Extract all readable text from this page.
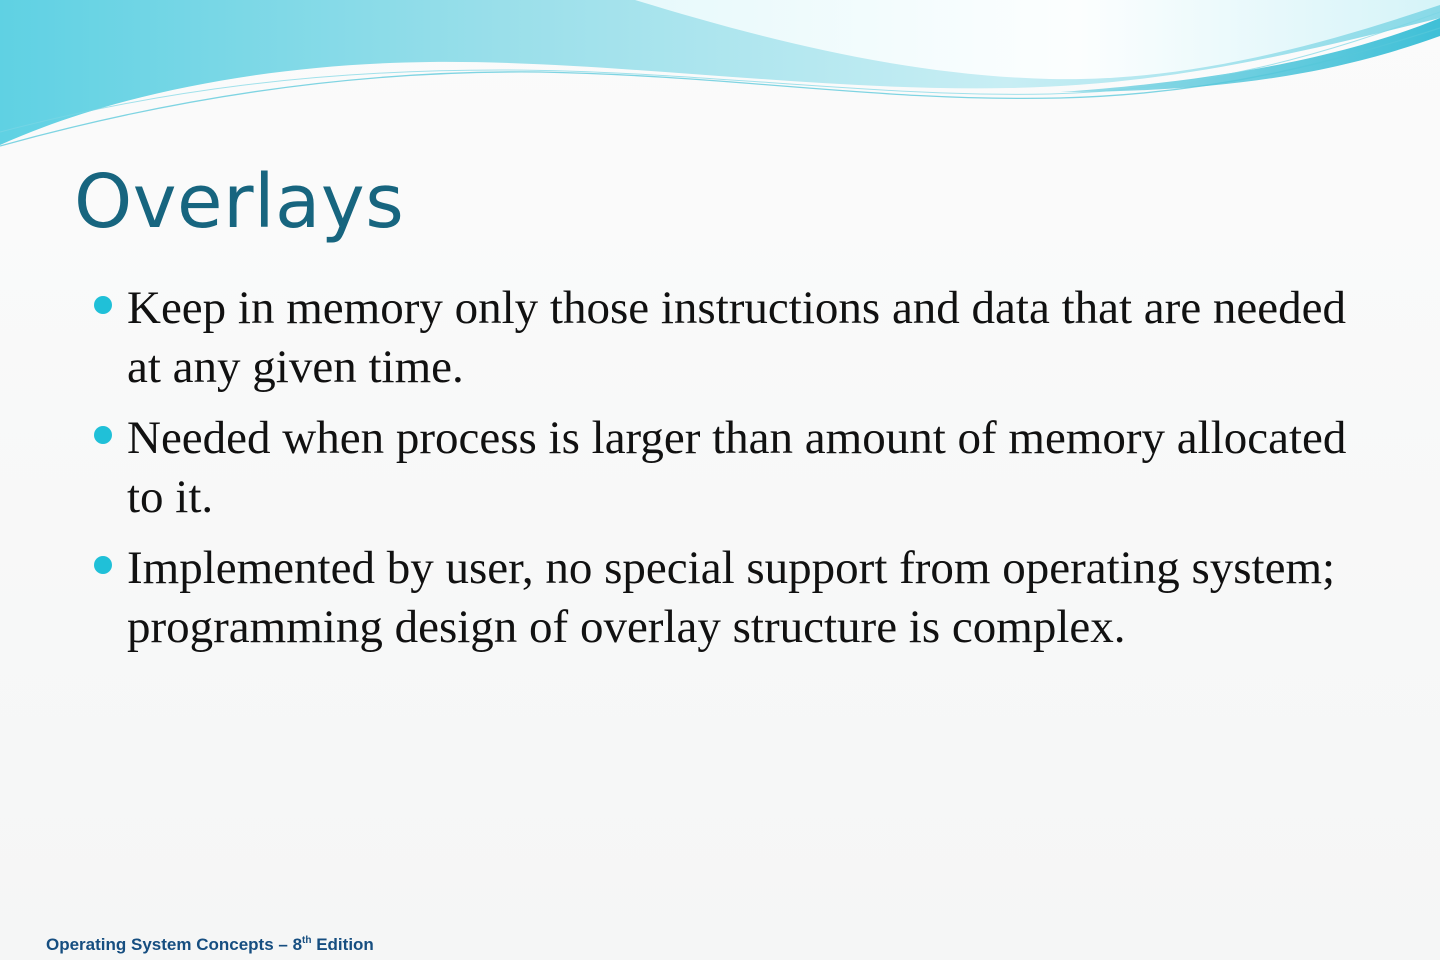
Overlays
Keep in memory only those instructions and data that are needed at any given time.
Needed when process is larger than amount of memory allocated to it.
Implemented by user, no special support from operating system; programming design of overlay structure is complex.
Operating System Concepts – 8th Edition
